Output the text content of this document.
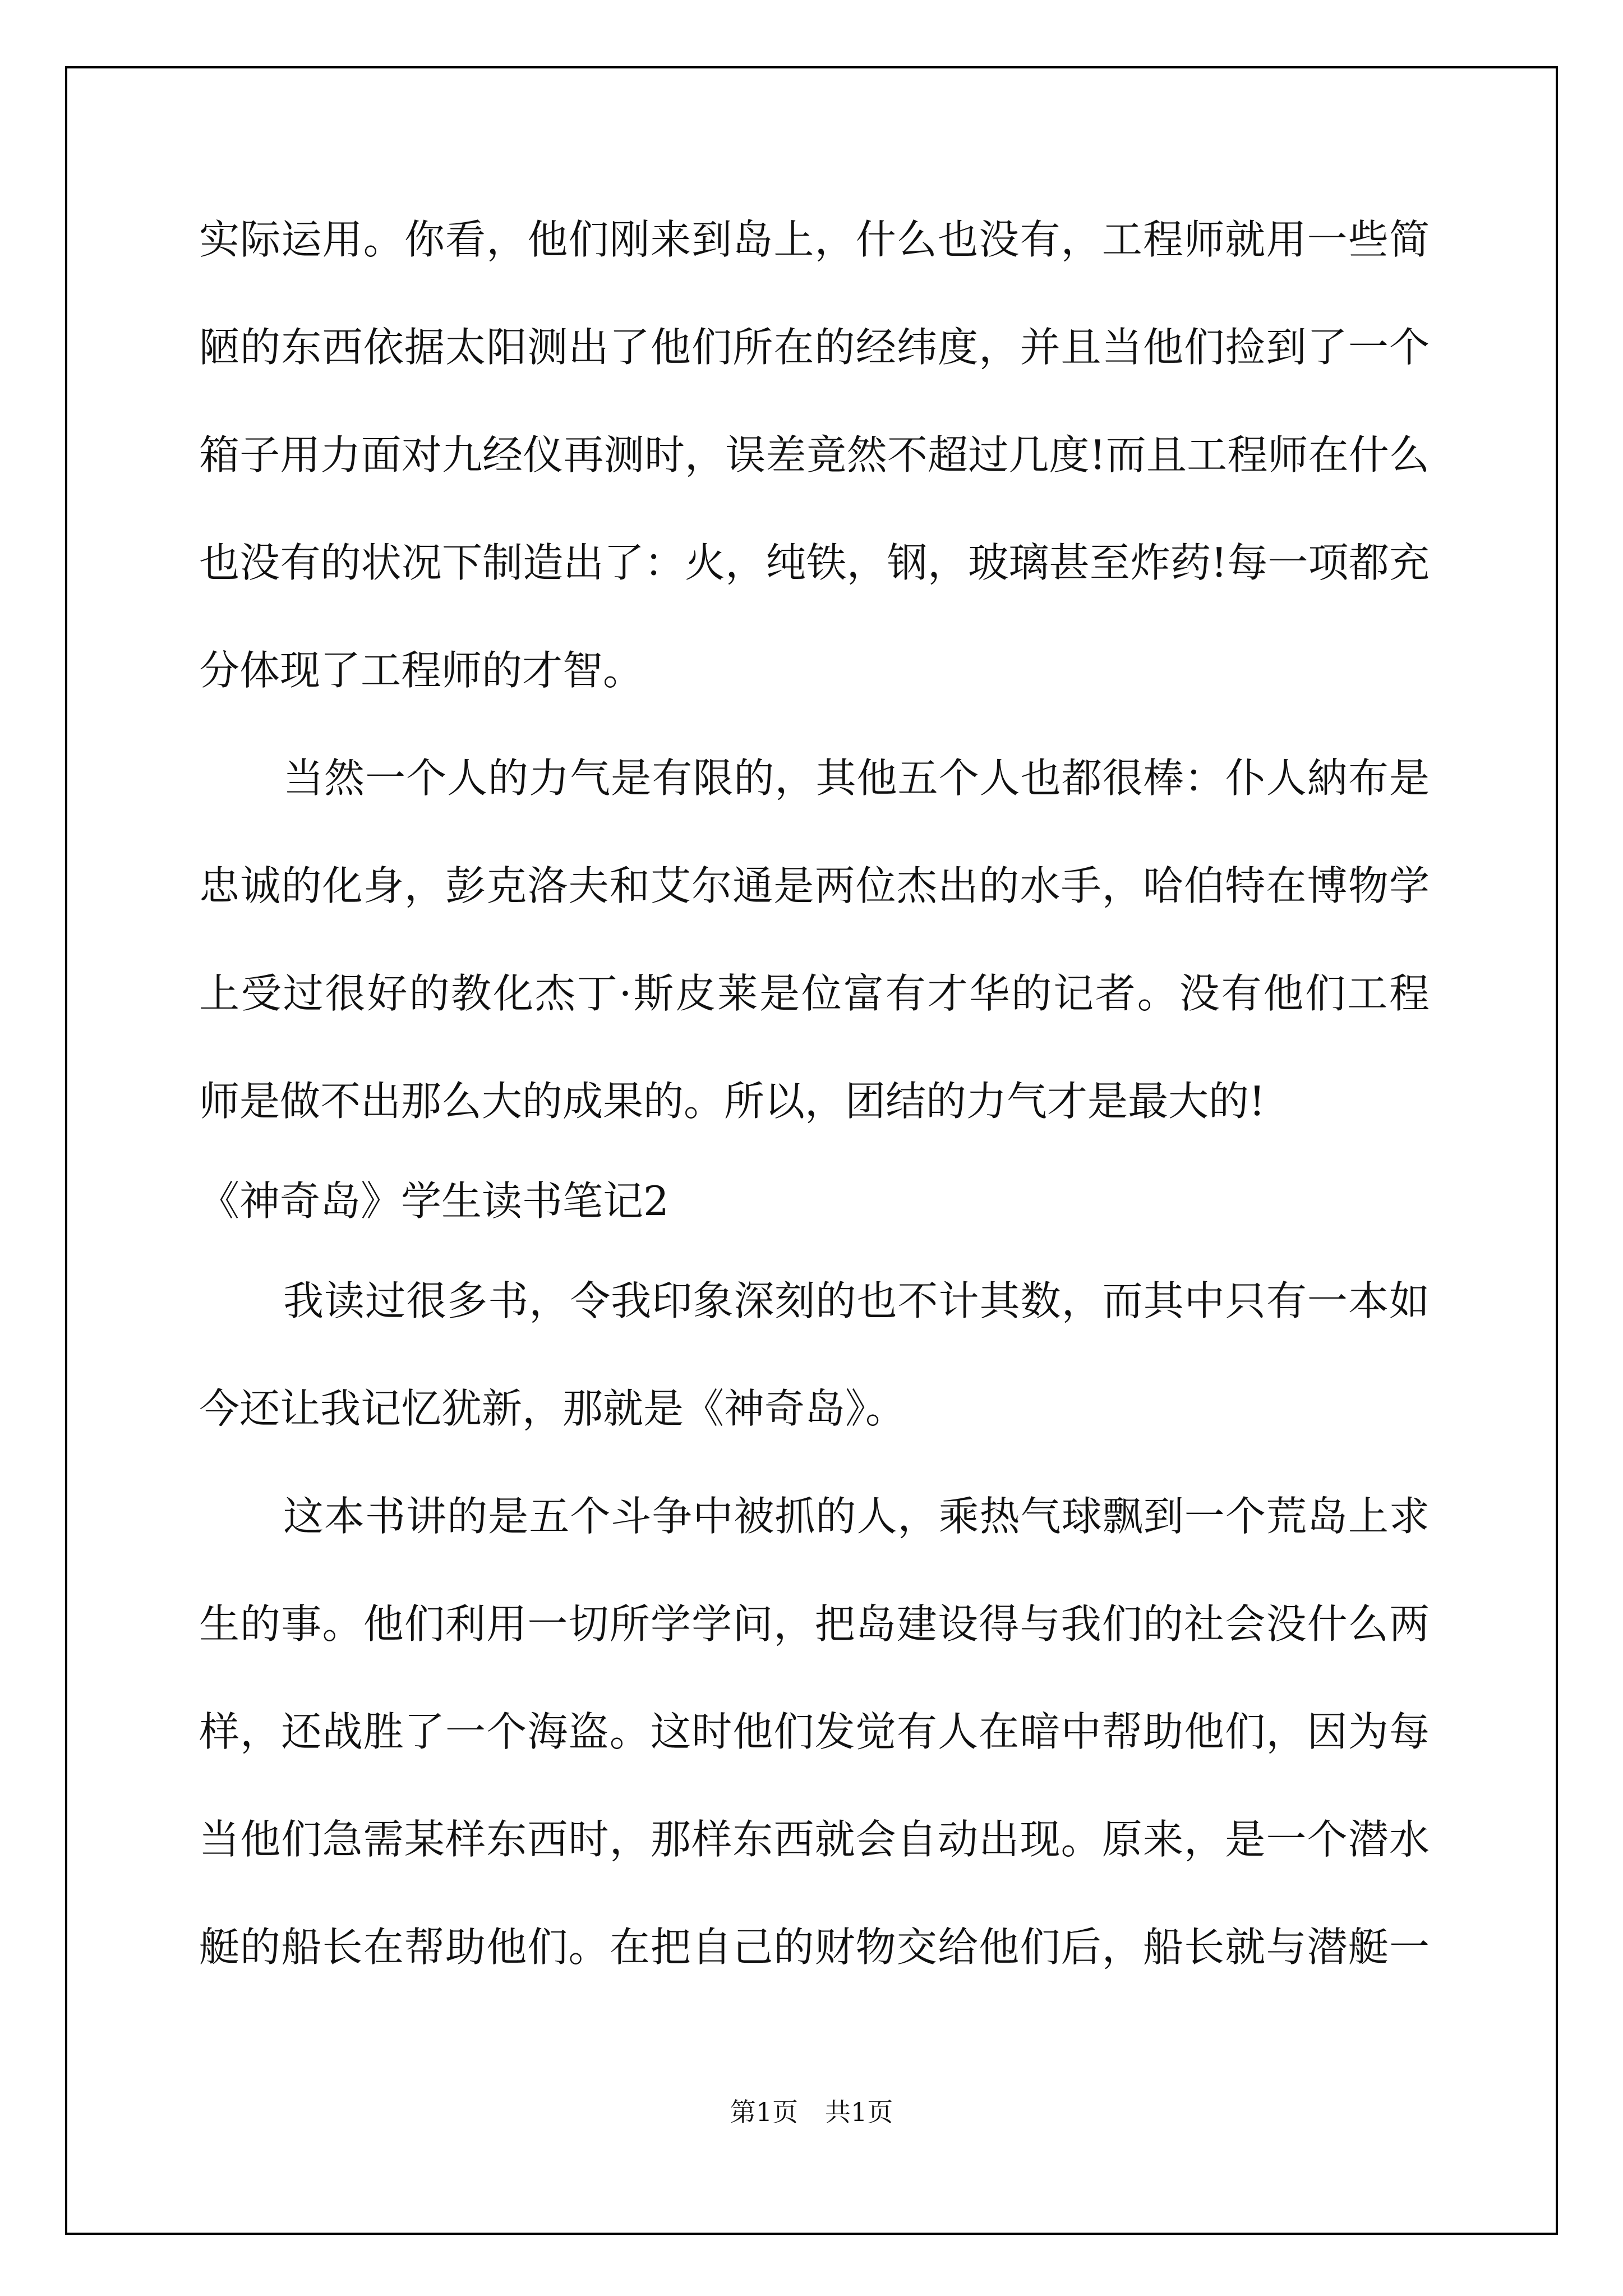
实际运用。你看，他们刚来到岛上，什么也没有，工程师就用一些简
陋的东西依据太阳测出了他们所在的经纬度，并且当他们捡到了一个
箱子用力面对九经仪再测时，误差竟然不超过几度!而且工程师在什么
也没有的状况下制造出了：火，纯铁，钢，玻璃甚至炸药!每一项都充
分体现了工程师的才智。
当然一个人的力气是有限的，其他五个人也都很棒：仆人納布是
忠诚的化身，彭克洛夫和艾尔通是两位杰出的水手，哈伯特在博物学
上受过很好的教化杰丁·斯皮莱是位富有才华的记者。没有他们工程
师是做不出那么大的成果的。所以，团结的力气才是最大的!
《神奇岛》学生读书笔记2
我读过很多书，令我印象深刻的也不计其数，而其中只有一本如
今还让我记忆犹新，那就是《神奇岛》。
这本书讲的是五个斗争中被抓的人，乘热气球飘到一个荒岛上求
生的事。他们利用一切所学学问，把岛建设得与我们的社会没什么两
样，还战胜了一个海盗。这时他们发觉有人在暗中帮助他们，因为每
当他们急需某样东西时，那样东西就会自动出现。原来，是一个潜水
艇的船长在帮助他们。在把自己的财物交给他们后，船长就与潜艇一
第1页 共1页
